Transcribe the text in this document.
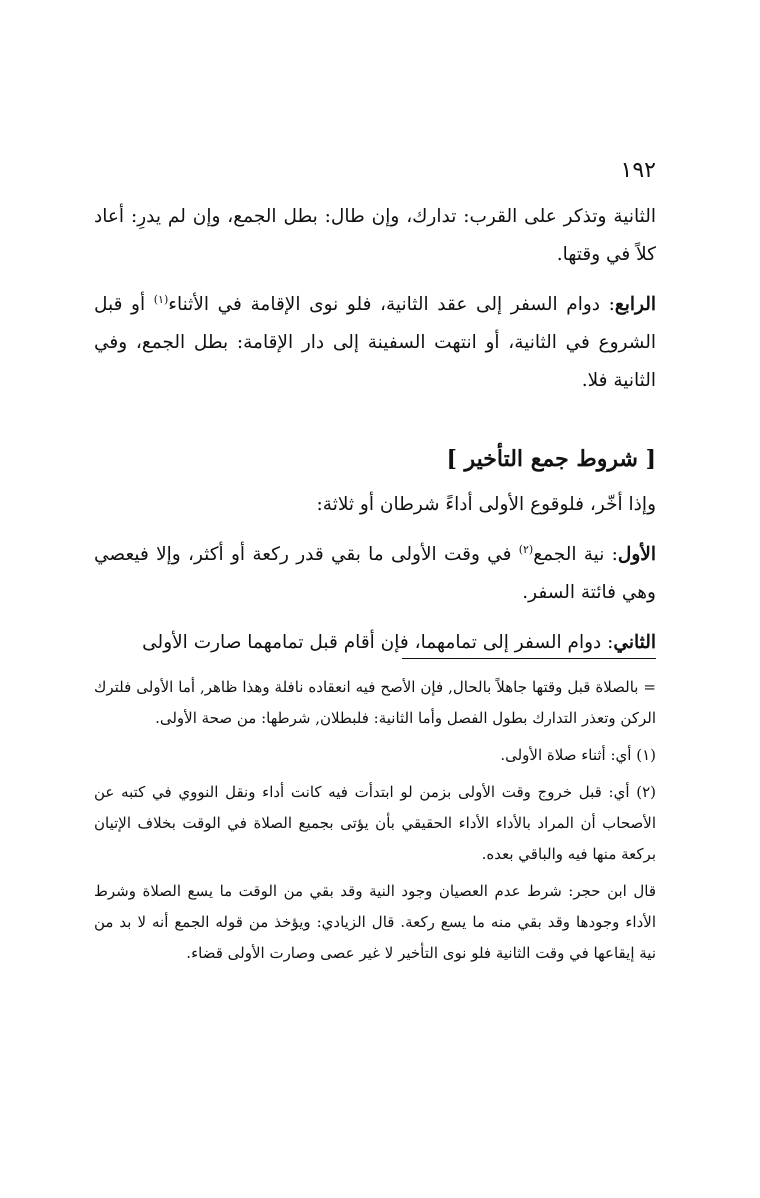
١٩٢

الثانية وتذكر على القرب: تدارك، وإن طال: بطل الجمع، وإن لم يدرِ: أعاد كلاً في وقتها.

الرابع: دوام السفر إلى عقد الثانية، فلو نوى الإقامة في الأثناء$^{(١)}$ أو قبل الشروع في الثانية، أو انتهت السفينة إلى دار الإقامة: بطل الجمع، وفي الثانية فلا.

[ شروط جمع التأخير ]

وإذا أخّر، فلوقوع الأولى أداءً شرطان أو ثلاثة:

الأول: نية الجمع$^{(٢)}$ في وقت الأولى ما بقي قدر ركعة أو أكثر، وإلا فيعصي وهي فائتة السفر.

الثاني: دوام السفر إلى تمامهما، فإن أقام قبل تمامهما صارت الأولى

= بالصلاة قبل وقتها جاهلاً بالحال, فإن الأصح فيه انعقاده نافلة وهذا ظاهر, أما الأولى فلترك الركن وتعذر التدارك بطول الفصل وأما الثانية: فلبطلان, شرطها: من صحة الأولى.

(١) أي: أثناء صلاة الأولى.

(٢) أي: قبل خروج وقت الأولى بزمن لو ابتدأت فيه كانت أداء ونقل النووي في كتبه عن الأصحاب أن المراد بالأداء الأداء الحقيقي بأن يؤتى بجميع الصلاة في الوقت بخلاف الإتيان بركعة منها فيه والباقي بعده.

قال ابن حجر: شرط عدم العصيان وجود النية وقد بقي من الوقت ما يسع الصلاة وشرط الأداء وجودها وقد بقي منه ما يسع ركعة. قال الزيادي: ويؤخذ من قوله الجمع أنه لا بد من نية إيقاعها في وقت الثانية فلو نوى التأخير لا غير عصى وصارت الأولى قضاء.
